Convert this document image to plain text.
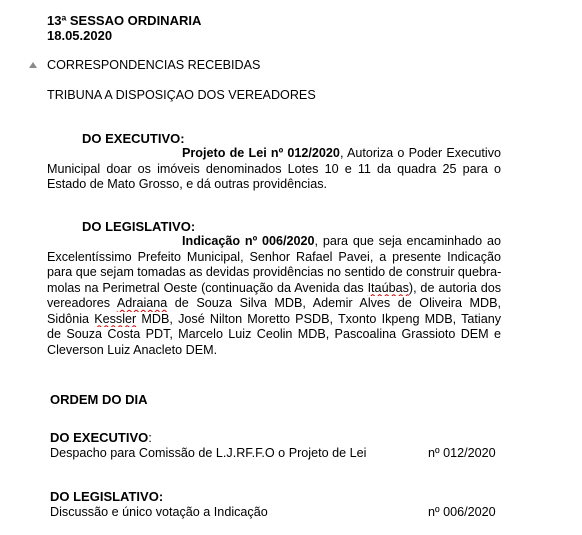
13ª SESSAO ORDINARIA
18.05.2020
CORRESPONDENCIAS RECEBIDAS
TRIBUNA A DISPOSIÇAO DOS VEREADORES
DO EXECUTIVO:
Projeto de Lei nº 012/2020, Autoriza o Poder Executivo
Municipal doar os imóveis denominados Lotes 10 e 11 da quadra 25 para o
Estado de Mato Grosso, e dá outras providências.
DO LEGISLATIVO:
Indicação nº 006/2020, para que seja encaminhado ao
Excelentíssimo Prefeito Municipal, Senhor Rafael Pavei, a presente Indicação
para que sejam tomadas as devidas providências no sentido de construir quebra-
molas na Perimetral Oeste (continuação da Avenida das Itaúbas), de autoria dos
vereadores Adraiana de Souza Silva MDB, Ademir Alves de Oliveira MDB,
Sidônia Kessler MDB, José Nilton Moretto PSDB, Txonto Ikpeng MDB, Tatiany
de Souza Costa PDT, Marcelo Luiz Ceolin MDB, Pascoalina Grassioto DEM e
Cleverson Luiz Anacleto DEM.
ORDEM DO DIA
DO EXECUTIVO:
Despacho para Comissão de L.J.RF.F.O o Projeto de Lei	nº 012/2020
DO LEGISLATIVO:
Discussão e único votação a Indicação	nº 006/2020
